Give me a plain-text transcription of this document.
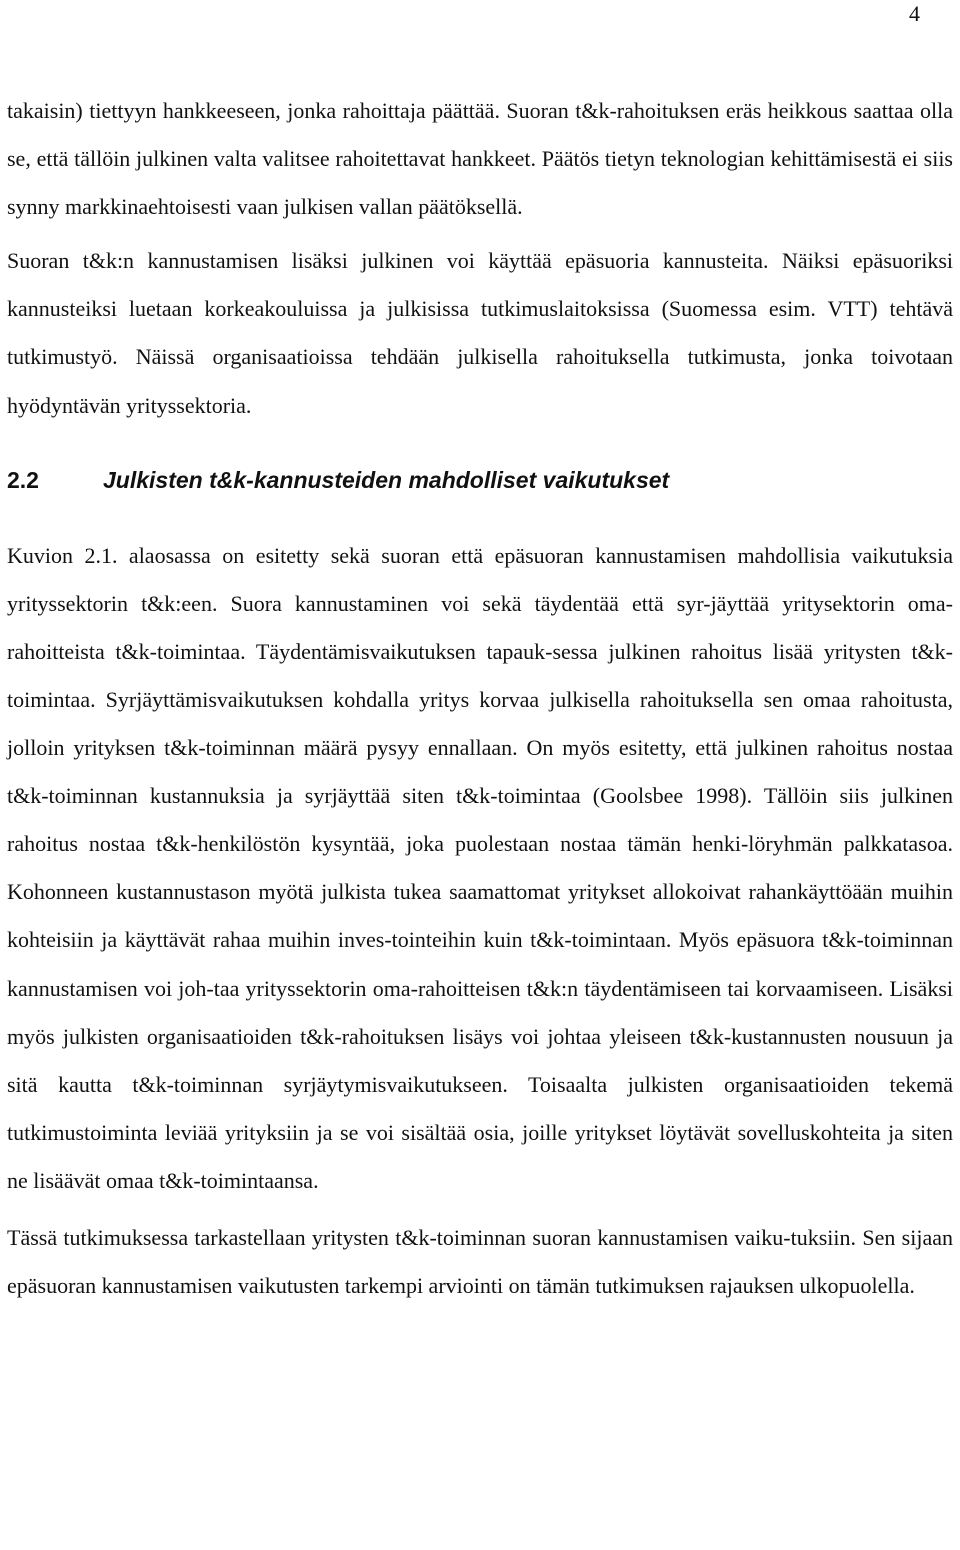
4

takaisin) tiettyyn hankkeeseen, jonka rahoittaja päättää. Suoran t&k-rahoituksen eräs heikkous saattaa olla se, että tällöin julkinen valta valitsee rahoitettavat hankkeet. Päätös tietyn teknologian kehittämisestä ei siis synny markkinaehtoisesti vaan julkisen vallan päätöksellä.

Suoran t&k:n kannustamisen lisäksi julkinen voi käyttää epäsuoria kannusteita. Näiksi epäsuoriksi kannusteiksi luetaan korkeakouluissa ja julkisissa tutkimuslaitoksissa (Suomessa esim. VTT) tehtävä tutkimustyö. Näissä organisaatioissa tehdään julkisella rahoituksella tutkimusta, jonka toivotaan hyödyntävän yrityssektoria.

2.2	Julkisten t&k-kannusteiden mahdolliset vaikutukset

Kuvion 2.1. alaosassa on esitetty sekä suoran että epäsuoran kannustamisen mahdollisia vaikutuksia yrityssektorin t&k:een. Suora kannustaminen voi sekä täydentää että syr-jäyttää yritysektorin oma-rahoitteista t&k-toimintaa. Täydentämisvaikutuksen tapauk-sessa julkinen rahoitus lisää yritysten t&k-toimintaa. Syrjäyttämisvaikutuksen kohdalla yritys korvaa julkisella rahoituksella sen omaa rahoitusta, jolloin yrityksen t&k-toiminnan määrä pysyy ennallaan. On myös esitetty, että julkinen rahoitus nostaa t&k-toiminnan kustannuksia ja syrjäyttää siten t&k-toimintaa (Goolsbee 1998). Tällöin siis julkinen rahoitus nostaa t&k-henkilöstön kysyntää, joka puolestaan nostaa tämän henki-löryhmän palkkatasoa. Kohonneen kustannustason myötä julkista tukea saamattomat yritykset allokoivat rahankäyttöään muihin kohteisiin ja käyttävät rahaa muihin inves-tointeihin kuin t&k-toimintaan. Myös epäsuora t&k-toiminnan kannustamisen voi joh-taa yrityssektorin oma-rahoitteisen t&k:n täydentämiseen tai korvaamiseen. Lisäksi myös julkisten organisaatioiden t&k-rahoituksen lisäys voi johtaa yleiseen t&k-kustannusten nousuun ja sitä kautta t&k-toiminnan syrjäytymisvaikutukseen. Toisaalta julkisten organisaatioiden tekemä tutkimustoiminta leviää yrityksiin ja se voi sisältää osia, joille yritykset löytävät sovelluskohteita ja siten ne lisäävät omaa t&k-toimintaansa.

Tässä tutkimuksessa tarkastellaan yritysten t&k-toiminnan suoran kannustamisen vaiku-tuksiin. Sen sijaan epäsuoran kannustamisen vaikutusten tarkempi arviointi on tämän tutkimuksen rajauksen ulkopuolella.
